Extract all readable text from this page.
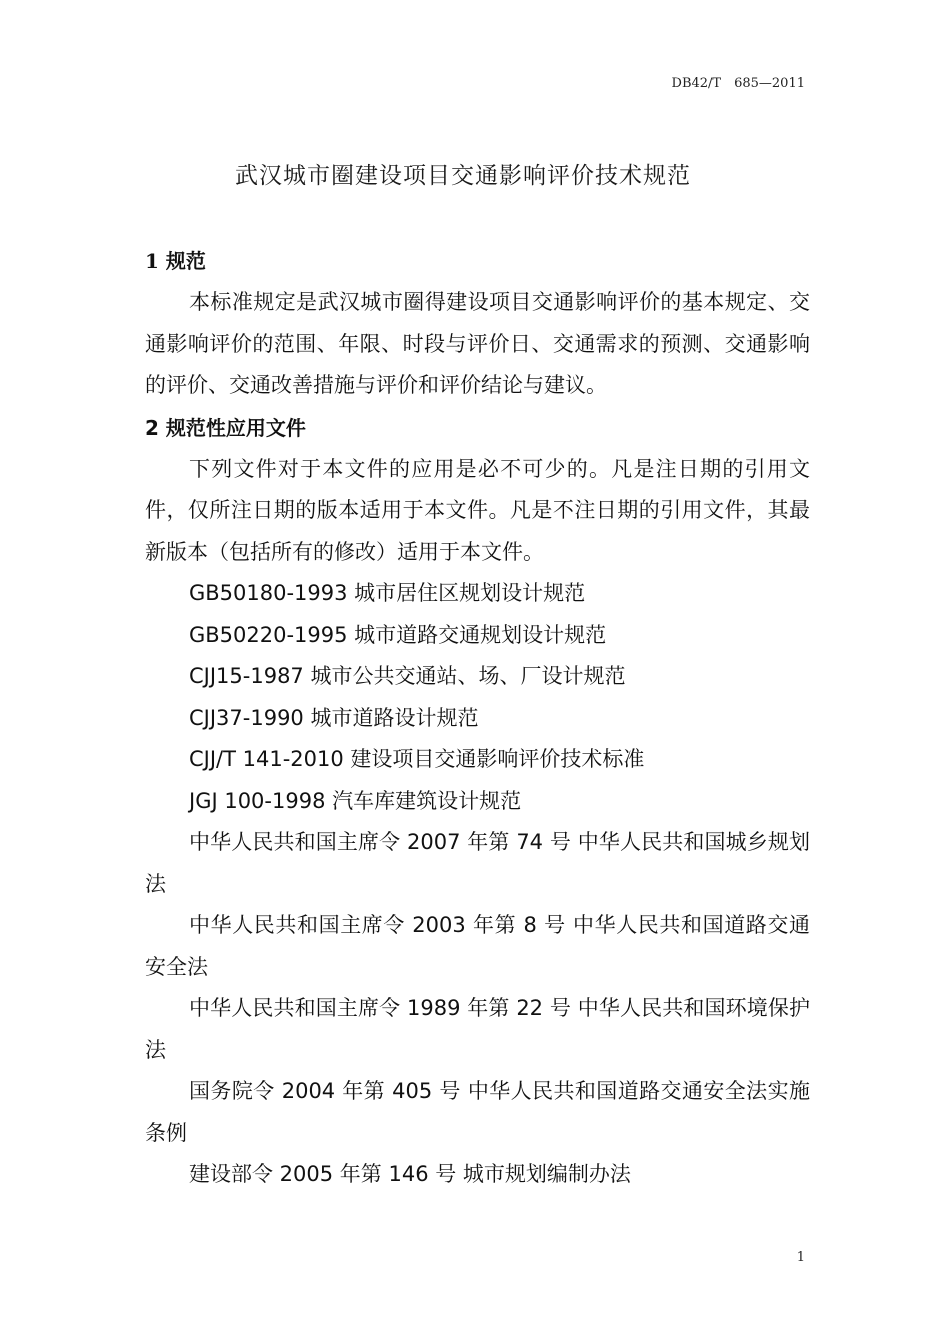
DB42/T　685—2011
武汉城市圈建设项目交通影响评价技术规范
1 规范
本标准规定是武汉城市圈得建设项目交通影响评价的基本规定、交通影响评价的范围、年限、时段与评价日、交通需求的预测、交通影响的评价、交通改善措施与评价和评价结论与建议。
2 规范性应用文件
下列文件对于本文件的应用是必不可少的。凡是注日期的引用文件，仅所注日期的版本适用于本文件。凡是不注日期的引用文件，其最新版本（包括所有的修改）适用于本文件。
GB50180-1993 城市居住区规划设计规范
GB50220-1995 城市道路交通规划设计规范
CJJ15-1987 城市公共交通站、场、厂设计规范
CJJ37-1990 城市道路设计规范
CJJ/T 141-2010 建设项目交通影响评价技术标准
JGJ 100-1998 汽车库建筑设计规范
中华人民共和国主席令 2007 年第 74 号 中华人民共和国城乡规划法
中华人民共和国主席令 2003 年第 8 号 中华人民共和国道路交通安全法
中华人民共和国主席令 1989 年第 22 号 中华人民共和国环境保护法
国务院令 2004 年第 405 号 中华人民共和国道路交通安全法实施条例
建设部令 2005 年第 146 号 城市规划编制办法
1
